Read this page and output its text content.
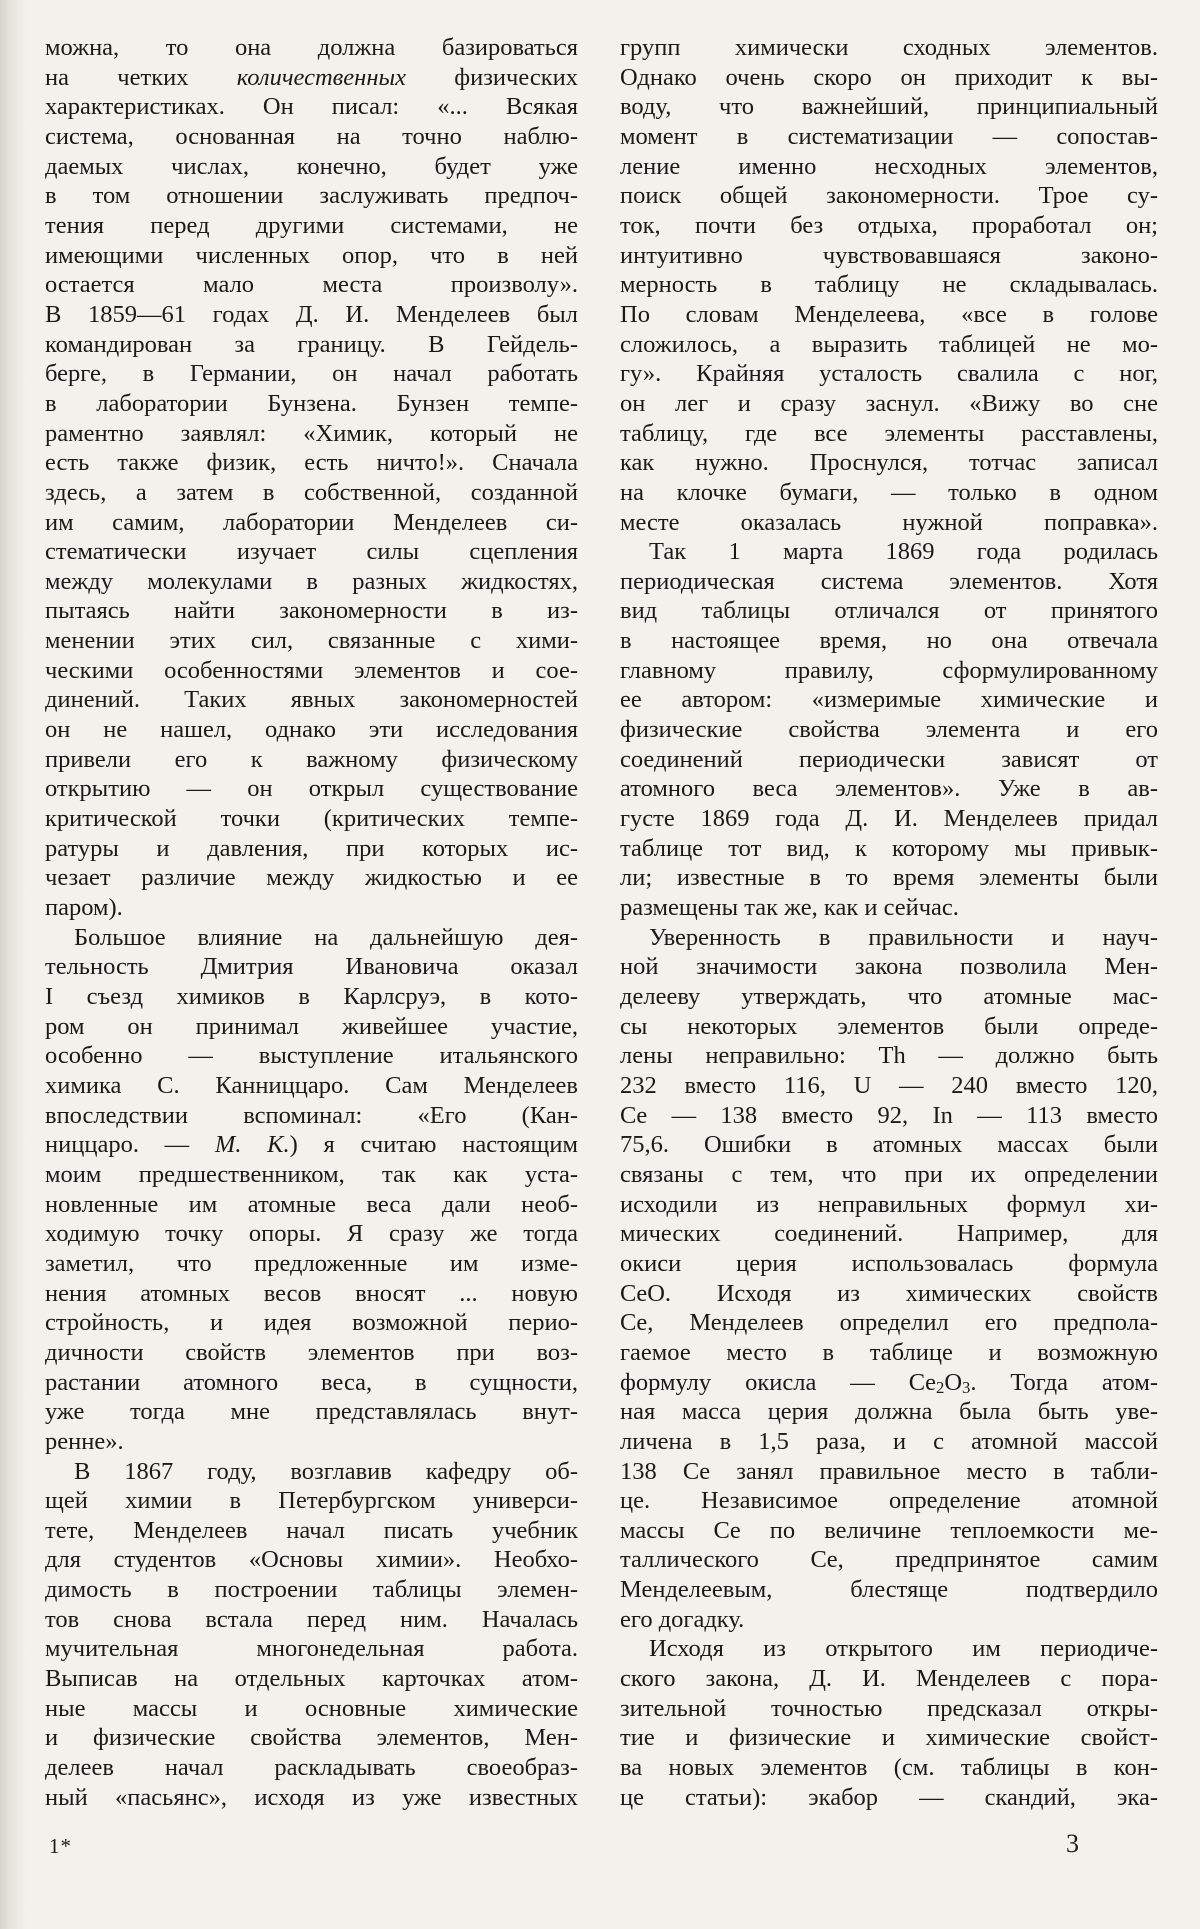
можна, то она должна базироваться
на четких количественных физических
характеристиках. Он писал: «... Всякая
система, основанная на точно наблю-
даемых числах, конечно, будет уже
в том отношении заслуживать предпоч-
тения перед другими системами, не
имеющими численных опор, что в ней
остается мало места произволу».
В 1859—61 годах Д. И. Менделеев был
командирован за границу. В Гейдель-
берге, в Германии, он начал работать
в лаборатории Бунзена. Бунзен темпе-
раментно заявлял: «Химик, который не
есть также физик, есть ничто!». Сначала
здесь, а затем в собственной, созданной
им самим, лаборатории Менделеев си-
стематически изучает силы сцепления
между молекулами в разных жидкостях,
пытаясь найти закономерности в из-
менении этих сил, связанные с хими-
ческими особенностями элементов и сое-
динений. Таких явных закономерностей
он не нашел, однако эти исследования
привели его к важному физическому
открытию — он открыл существование
критической точки (критических темпе-
ратуры и давления, при которых ис-
чезает различие между жидкостью и ее
паром).
Большое влияние на дальнейшую дея-
тельность Дмитрия Ивановича оказал
I съезд химиков в Карлсруэ, в кото-
ром он принимал живейшее участие,
особенно — выступление итальянского
химика С. Канниццаро. Сам Менделеев
впоследствии вспоминал: «Его (Кан-
ниццаро. — М. К.) я считаю настоящим
моим предшественником, так как уста-
новленные им атомные веса дали необ-
ходимую точку опоры. Я сразу же тогда
заметил, что предложенные им изме-
нения атомных весов вносят ... новую
стройность, и идея возможной перио-
дичности свойств элементов при воз-
растании атомного веса, в сущности,
уже тогда мне представлялась внут-
ренне».
В 1867 году, возглавив кафедру об-
щей химии в Петербургском универси-
тете, Менделеев начал писать учебник
для студентов «Основы химии». Необхо-
димость в построении таблицы элемен-
тов снова встала перед ним. Началась
мучительная многонедельная работа.
Выписав на отдельных карточках атом-
ные массы и основные химические
и физические свойства элементов, Мен-
делеев начал раскладывать своеобраз-
ный «пасьянс», исходя из уже известных
групп химически сходных элементов.
Однако очень скоро он приходит к вы-
воду, что важнейший, принципиальный
момент в систематизации — сопостав-
ление именно несходных элементов,
поиск общей закономерности. Трое су-
ток, почти без отдыха, проработал он;
интуитивно чувствовавшаяся законо-
мерность в таблицу не складывалась.
По словам Менделеева, «все в голове
сложилось, а выразить таблицей не мо-
гу». Крайняя усталость свалила с ног,
он лег и сразу заснул. «Вижу во сне
таблицу, где все элементы расставлены,
как нужно. Проснулся, тотчас записал
на клочке бумаги, — только в одном
месте оказалась нужной поправка».
Так 1 марта 1869 года родилась
периодическая система элементов. Хотя
вид таблицы отличался от принятого
в настоящее время, но она отвечала
главному правилу, сформулированному
ее автором: «измеримые химические и
физические свойства элемента и его
соединений периодически зависят от
атомного веса элементов». Уже в ав-
густе 1869 года Д. И. Менделеев придал
таблице тот вид, к которому мы привык-
ли; известные в то время элементы были
размещены так же, как и сейчас.
Уверенность в правильности и науч-
ной значимости закона позволила Мен-
делееву утверждать, что атомные мас-
сы некоторых элементов были опреде-
лены неправильно: Th — должно быть
232 вместо 116, U — 240 вместо 120,
Ce — 138 вместо 92, In — 113 вместо
75,6. Ошибки в атомных массах были
связаны с тем, что при их определении
исходили из неправильных формул хи-
мических соединений. Например, для
окиси церия использовалась формула
CeO. Исходя из химических свойств
Ce, Менделеев определил его предпола-
гаемое место в таблице и возможную
формулу окисла — $Ce_2O_3$. Тогда атом-
ная масса церия должна была быть уве-
личена в 1,5 раза, и с атомной массой
138 Ce занял правильное место в табли-
це. Независимое определение атомной
массы Ce по величине теплоемкости ме-
таллического Ce, предпринятое самим
Менделеевым, блестяще подтвердило
его догадку.
Исходя из открытого им периодиче-
ского закона, Д. И. Менделеев с пора-
зительной точностью предсказал откры-
тие и физические и химические свойст-
ва новых элементов (см. таблицы в кон-
це статьи): экабор — скандий, эка-
1*	3
